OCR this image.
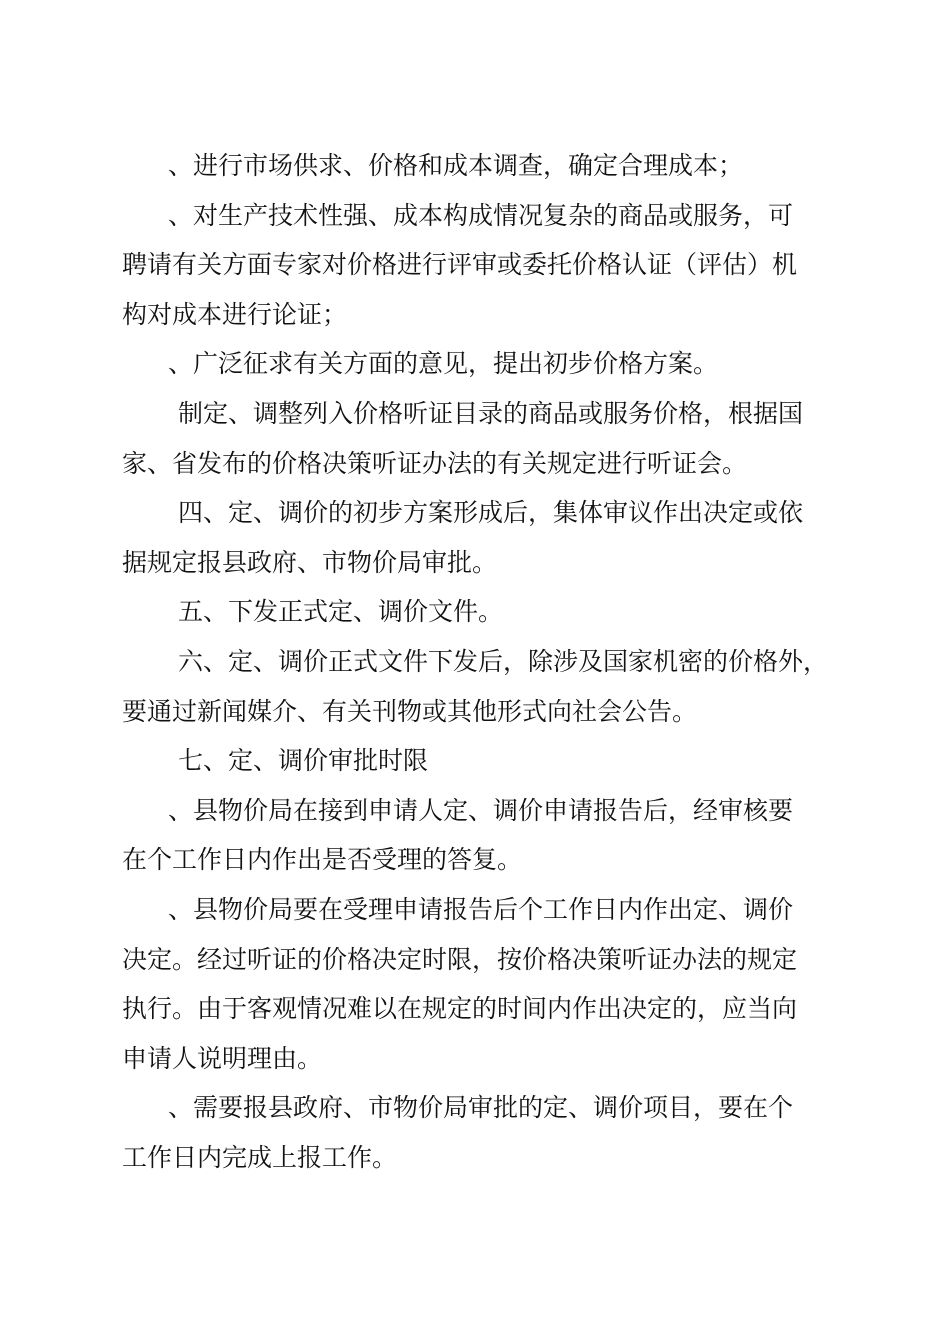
、进行市场供求、价格和成本调查，确定合理成本；
、对生产技术性强、成本构成情况复杂的商品或服务，可
聘请有关方面专家对价格进行评审或委托价格认证（评估）机
构对成本进行论证；
、广泛征求有关方面的意见，提出初步价格方案。
制定、调整列入价格听证目录的商品或服务价格，根据国
家、省发布的价格决策听证办法的有关规定进行听证会。
四、定、调价的初步方案形成后，集体审议作出决定或依
据规定报县政府、市物价局审批。
五、下发正式定、调价文件。
六、定、调价正式文件下发后，除涉及国家机密的价格外，
要通过新闻媒介、有关刊物或其他形式向社会公告。
七、定、调价审批时限
、县物价局在接到申请人定、调价申请报告后，经审核要
在个工作日内作出是否受理的答复。
、县物价局要在受理申请报告后个工作日内作出定、调价
决定。经过听证的价格决定时限，按价格决策听证办法的规定
执行。由于客观情况难以在规定的时间内作出决定的，应当向
申请人说明理由。
、需要报县政府、市物价局审批的定、调价项目，要在个
工作日内完成上报工作。
